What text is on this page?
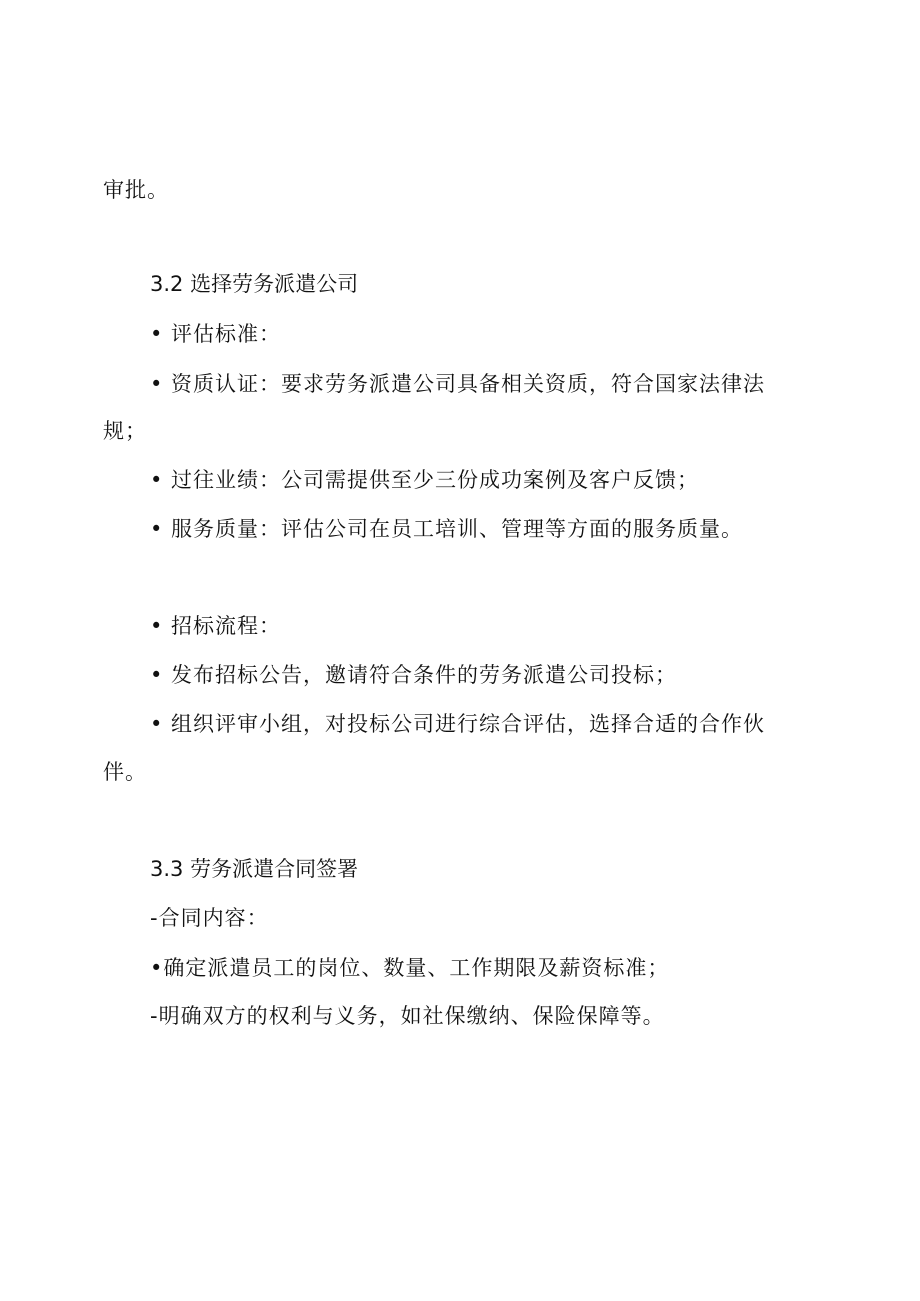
审批。
3.2 选择劳务派遣公司
• 评估标准：
• 资质认证：要求劳务派遣公司具备相关资质，符合国家法律法
规；
• 过往业绩：公司需提供至少三份成功案例及客户反馈；
• 服务质量：评估公司在员工培训、管理等方面的服务质量。
• 招标流程：
• 发布招标公告，邀请符合条件的劳务派遣公司投标；
• 组织评审小组，对投标公司进行综合评估，选择合适的合作伙
伴。
3.3 劳务派遣合同签署
-合同内容：
•确定派遣员工的岗位、数量、工作期限及薪资标准；
-明确双方的权利与义务，如社保缴纳、保险保障等。
